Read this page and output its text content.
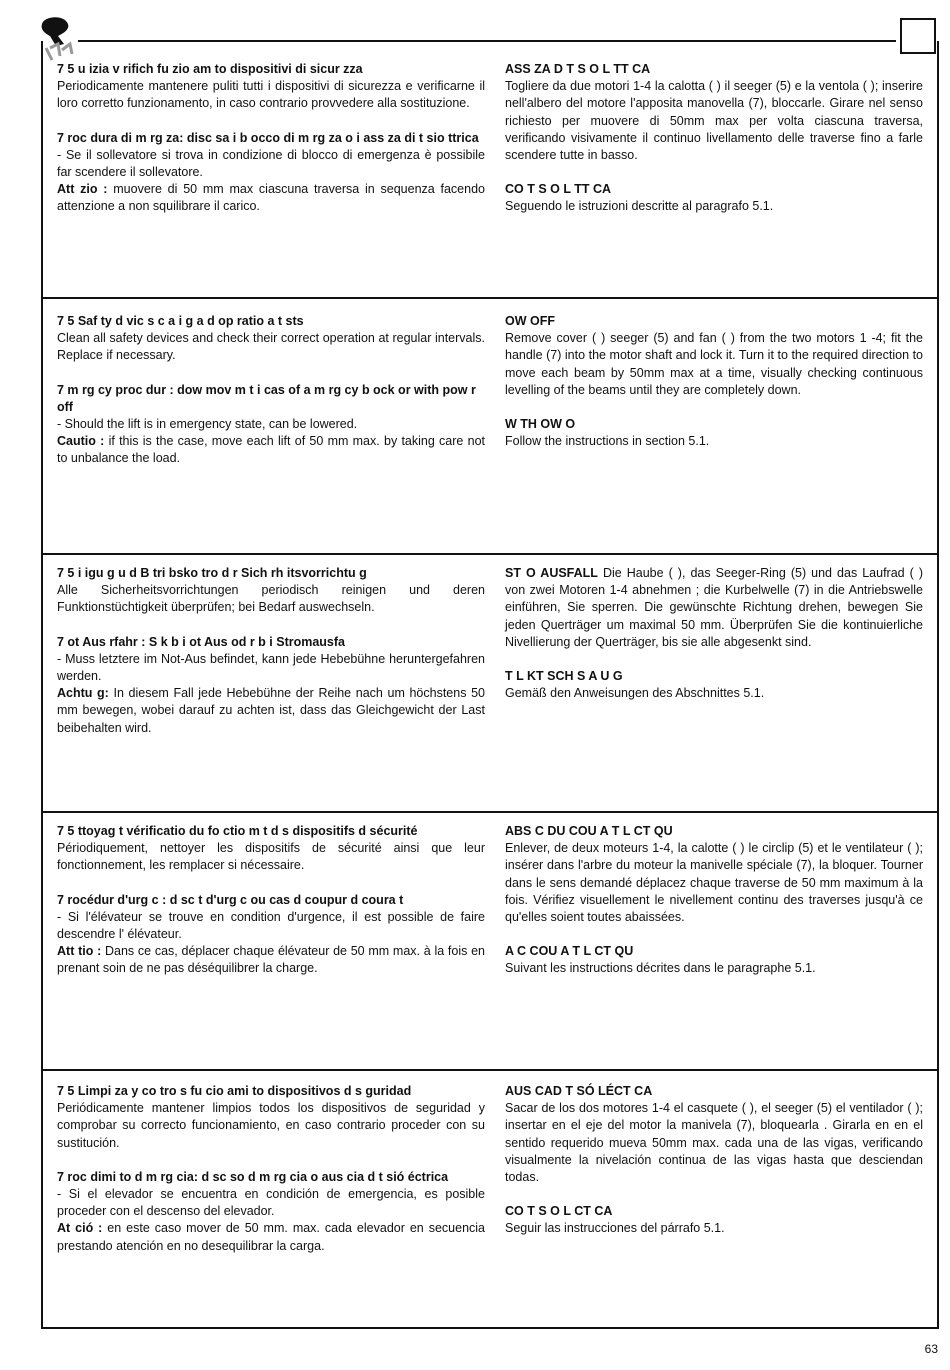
7 5 u izia v rifich fu zio am to dispositivi di sicur zza
Periodicamente mantenere puliti tutti i dispositivi di sicurezza e verificarne il loro corretto funzionamento, in caso contrario provvedere alla sostituzione.
7 roc dura di m rg za: disc sa i b occo di m rg za o i ass za di t sio ttrica
- Se il sollevatore si trova in condizione di blocco di emergenza è possibile far scendere il sollevatore.
Att zio : muovere di 50 mm max ciascuna traversa in sequenza facendo attenzione a non squilibrare il carico.
ASS ZA D T S O L TT CA
Togliere da due motori 1-4 la calotta ( ) il seeger (5) e la ventola ( ); inserire nell'albero del motore l'apposita manovella (7), bloccarle. Girare nel senso richiesto per muovere di 50mm max per volta ciascuna traversa, verificando visivamente il continuo livellamento delle traverse fino a farle scendere tutte in basso.
CO T S O L TT CA
Seguendo le istruzioni descritte al paragrafo 5.1.
7 5 Saf ty d vic s c a i g a d op ratio a t sts
Clean all safety devices and check their correct operation at regular intervals. Replace if necessary.
7 m rg cy proc dur : dow mov m t i cas of a m rg cy b ock or with pow r off
- Should the lift is in emergency state, can be lowered.
Cautio : if this is the case, move each lift of 50 mm max. by taking care not to unbalance the load.
OW OFF
Remove cover ( ) seeger (5) and fan ( ) from the two motors 1 -4; fit the handle (7) into the motor shaft and lock it. Turn it to the required direction to move each beam by 50mm max at a time, visually checking continuous levelling of the beams until they are completely down.
W TH OW O
Follow the instructions in section 5.1.
7 5 i igu g u d B tri bsko tro d r Sich rh itsvorrichtu g
Alle Sicherheitsvorrichtungen periodisch reinigen und deren Funktionstüchtigkeit überprüfen; bei Bedarf auswechseln.
7 ot Aus rfahr : S k b i ot Aus od r b i Stromausfa
- Muss letztere im Not-Aus befindet, kann jede Hebebühne heruntergefahren werden.
Achtu g: In diesem Fall jede Hebebühne der Reihe nach um höchstens 50 mm bewegen, wobei darauf zu achten ist, dass das Gleichgewicht der Last beibehalten wird.
ST O AUSFALL Die Haube ( ), das Seeger-Ring (5) und das Laufrad ( ) von zwei Motoren 1-4 abnehmen ; die Kurbelwelle (7) in die Antriebswelle einführen, Sie sperren. Die gewünschte Richtung drehen, bewegen Sie jeden Querträger um maximal 50 mm. Überprüfen Sie die kontinuierliche Nivellierung der Querträger, bis sie alle abgesenkt sind.
T L KT SCH S A U G
Gemäß den Anweisungen des Abschnittes 5.1.
7 5 ttoyag t vérificatio du fo ctio m t d s dispositifs d sécurité
Périodiquement, nettoyer les dispositifs de sécurité ainsi que leur fonctionnement, les remplacer si nécessaire.
7 rocédur d'urg c : d sc t d'urg c ou cas d coupur d coura t
- Si l'élévateur se trouve en condition d'urgence, il est possible de faire descendre l' élévateur.
Att tio : Dans ce cas, déplacer chaque élévateur de 50 mm max. à la fois en prenant soin de ne pas déséquilibrer la charge.
ABS C DU COU A T L CT QU
Enlever, de deux moteurs 1-4, la calotte ( ) le circlip (5) et le ventilateur ( ); insérer dans l'arbre du moteur la manivelle spéciale (7), la bloquer. Tourner dans le sens demandé déplacez chaque traverse de 50 mm maximum à la fois. Vérifiez visuellement le nivellement continu des traverses jusqu'à ce qu'elles soient toutes abaissées.
A C COU A T L CT QU
Suivant les instructions décrites dans le paragraphe 5.1.
7 5 Limpi za y co tro s fu cio ami to dispositivos d s guridad
Periódicamente mantener limpios todos los dispositivos de seguridad y comprobar su correcto funcionamiento, en caso contrario proceder con su sustitución.
7 roc dimi to d m rg cia: d sc so d m rg cia o aus cia d t sió éctrica
- Si el elevador se encuentra en condición de emergencia, es posible proceder con el descenso del elevador.
At ció : en este caso mover de 50 mm. max. cada elevador en secuencia prestando atención en no desequilibrar la carga.
AUS CAD T SÓ LÉCT CA
Sacar de los dos motores 1-4 el casquete ( ), el seeger (5) el ventilador ( ); insertar en el eje del motor la manivela (7), bloquearla . Girarla en en el sentido requerido mueva 50mm max. cada una de las vigas, verificando visualmente la nivelación continua de las vigas hasta que desciendan todas.
CO T S O L CT CA
Seguir las instrucciones del párrafo 5.1.
63
